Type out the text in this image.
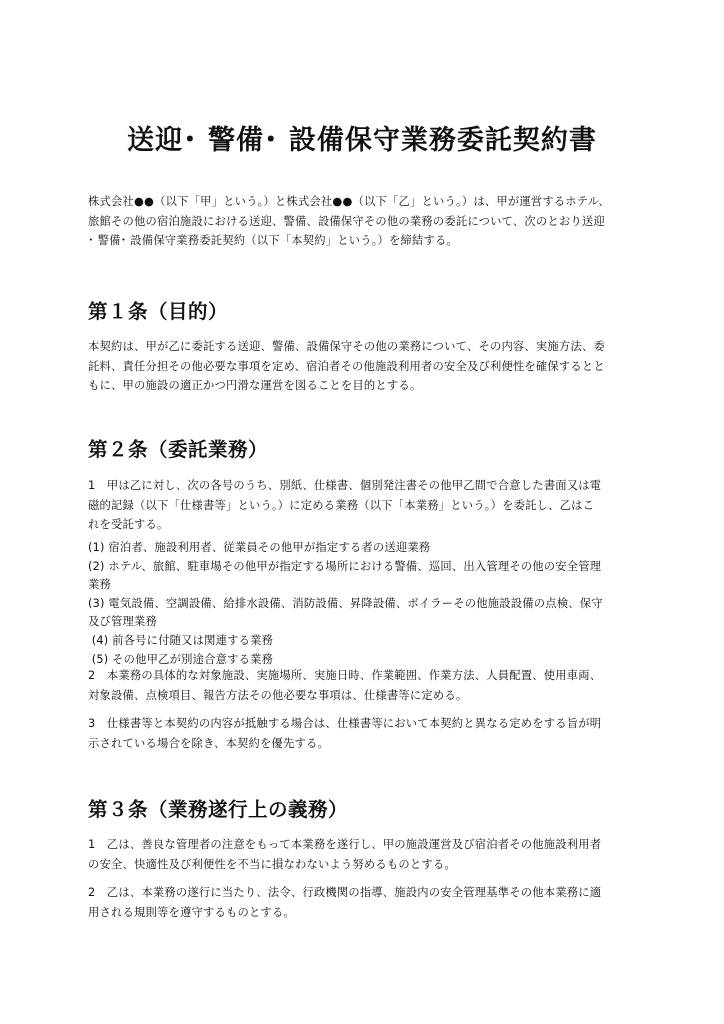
送迎･ 警備･ 設備保守業務委託契約書

株式会社●●（以下「甲」という。）と株式会社●●（以下「乙」という。）は、甲が運営するホテル、
旅館その他の宿泊施設における送迎、警備、設備保守その他の業務の委託について、次のとおり送迎
･ 警備･ 設備保守業務委託契約（以下「本契約」という。）を締結する。

第１条（目的）

本契約は、甲が乙に委託する送迎、警備、設備保守その他の業務について、その内容、実施方法、委
託料、責任分担その他必要な事項を定め、宿泊者その他施設利用者の安全及び利便性を確保するとと
もに、甲の施設の適正かつ円滑な運営を図ることを目的とする。

第２条（委託業務）

1　甲は乙に対し、次の各号のうち、別紙、仕様書、個別発注書その他甲乙間で合意した書面又は電
磁的記録（以下「仕様書等」という。）に定める業務（以下「本業務」という。）を委託し、乙はこ
れを受託する。

(1) 宿泊者、施設利用者、従業員その他甲が指定する者の送迎業務
(2) ホテル、旅館、駐車場その他甲が指定する場所における警備、巡回、出入管理その他の安全管理
業務
(3) 電気設備、空調設備、給排水設備、消防設備、昇降設備、ボイラーその他施設設備の点検、保守
及び管理業務
(4) 前各号に付随又は関連する業務
(5) その他甲乙が別途合意する業務

2　本業務の具体的な対象施設、実施場所、実施日時、作業範囲、作業方法、人員配置、使用車両、
対象設備、点検項目、報告方法その他必要な事項は、仕様書等に定める。

3　仕様書等と本契約の内容が抵触する場合は、仕様書等において本契約と異なる定めをする旨が明
示されている場合を除き、本契約を優先する。

第３条（業務遂行上の義務）

1　乙は、善良な管理者の注意をもって本業務を遂行し、甲の施設運営及び宿泊者その他施設利用者
の安全、快適性及び利便性を不当に損なわないよう努めるものとする。

2　乙は、本業務の遂行に当たり、法令、行政機関の指導、施設内の安全管理基準その他本業務に適
用される規則等を遵守するものとする。
